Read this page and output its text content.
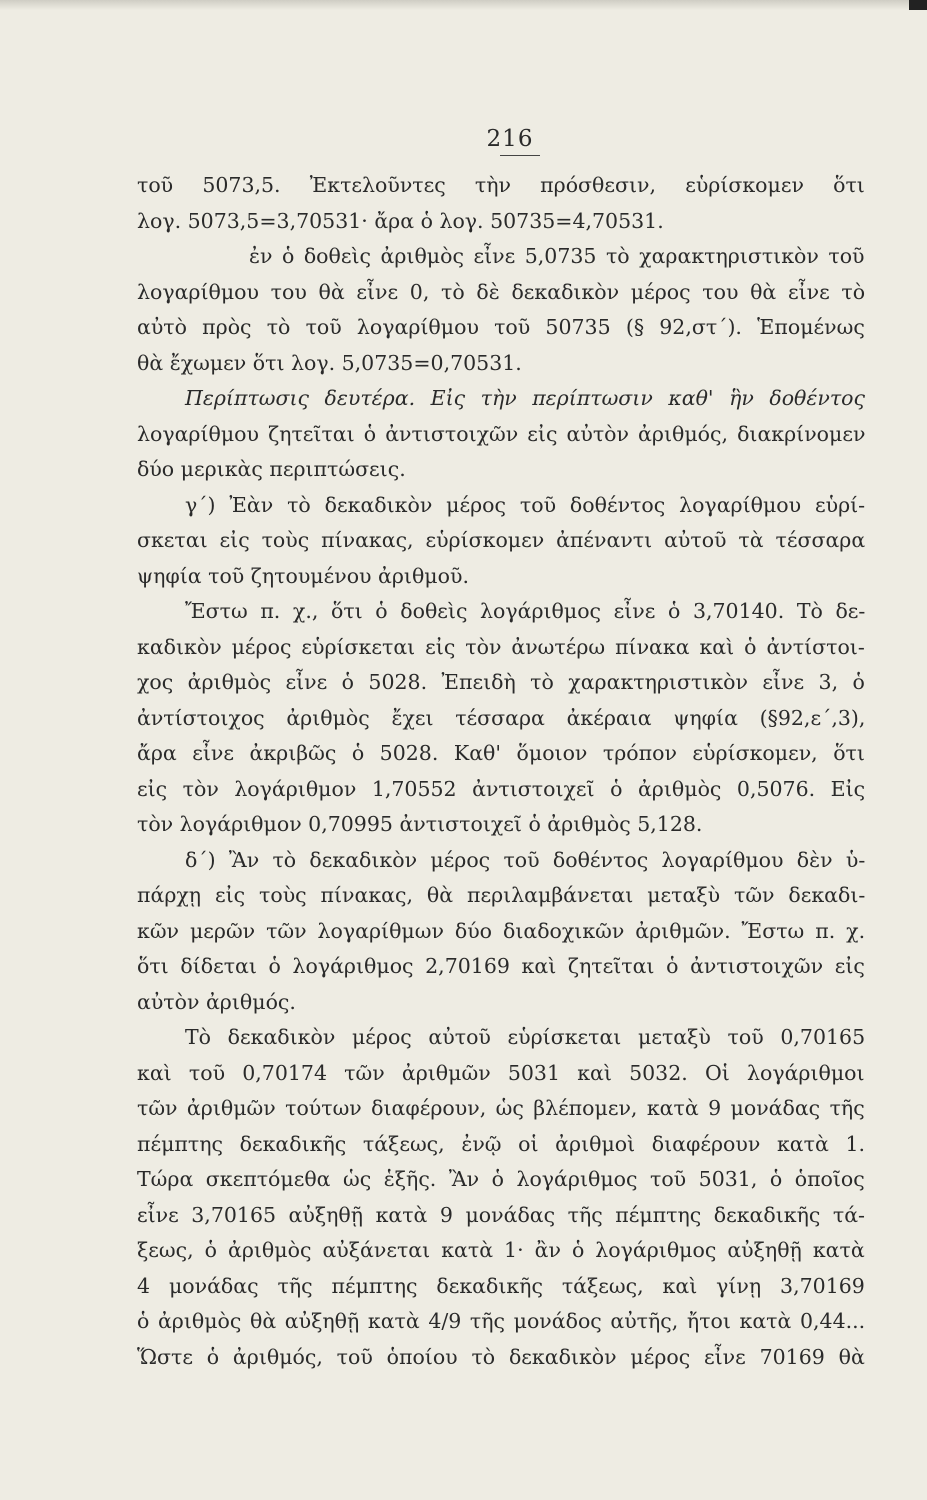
216
τοῦ 5073,5. Ἐκτελοῦντες τὴν πρόσθεσιν, εὑρίσκομεν ὅτι
λογ. 5073,5=3,70531· ἄρα ὁ λογ. 50735=4,70531.
ἐν ὁ δοθεὶς ἀριθμὸς εἶνε 5,0735 τὸ χαρακτηριστικὸν τοῦ
λογαρίθμου του θὰ εἶνε 0, τὸ δὲ δεκαδικὸν μέρος του θὰ εἶνε τὸ
αὐτὸ πρὸς τὸ τοῦ λογαρίθμου τοῦ 50735 (§ 92,στ΄). Ἑπομένως
θὰ ἔχωμεν ὅτι λογ. 5,0735=0,70531.
Περίπτωσις δευτέρα. Εἰς τὴν περίπτωσιν καθ' ἣν δοθέντος
λογαρίθμου ζητεῖται ὁ ἀντιστοιχῶν εἰς αὐτὸν ἀριθμός, διακρίνομεν
δύο μερικὰς περιπτώσεις.
γ΄) Ἐὰν τὸ δεκαδικὸν μέρος τοῦ δοθέντος λογαρίθμου εὑρί-
σκεται εἰς τοὺς πίνακας, εὑρίσκομεν ἀπέναντι αὐτοῦ τὰ τέσσαρα
ψηφία τοῦ ζητουμένου ἀριθμοῦ.
Ἔστω π. χ., ὅτι ὁ δοθεὶς λογάριθμος εἶνε ὁ 3,70140. Τὸ δε-
καδικὸν μέρος εὑρίσκεται εἰς τὸν ἀνωτέρω πίνακα καὶ ὁ ἀντίστοι-
χος ἀριθμὸς εἶνε ὁ 5028. Ἐπειδὴ τὸ χαρακτηριστικὸν εἶνε 3, ὁ
ἀντίστοιχος ἀριθμὸς ἔχει τέσσαρα ἀκέραια ψηφία (§92,ε΄,3),
ἄρα εἶνε ἀκριβῶς ὁ 5028. Καθ' ὅμοιον τρόπον εὑρίσκομεν, ὅτι
εἰς τὸν λογάριθμον 1,70552 ἀντιστοιχεῖ ὁ ἀριθμὸς 0,5076. Εἰς
τὸν λογάριθμον 0,70995 ἀντιστοιχεῖ ὁ ἀριθμὸς 5,128.
δ΄) Ἂν τὸ δεκαδικὸν μέρος τοῦ δοθέντος λογαρίθμου δὲν ὑ-
πάρχῃ εἰς τοὺς πίνακας, θὰ περιλαμβάνεται μεταξὺ τῶν δεκαδι-
κῶν μερῶν τῶν λογαρίθμων δύο διαδοχικῶν ἀριθμῶν. Ἔστω π. χ.
ὅτι δίδεται ὁ λογάριθμος 2,70169 καὶ ζητεῖται ὁ ἀντιστοιχῶν εἰς
αὐτὸν ἀριθμός.
Τὸ δεκαδικὸν μέρος αὐτοῦ εὑρίσκεται μεταξὺ τοῦ 0,70165
καὶ τοῦ 0,70174 τῶν ἀριθμῶν 5031 καὶ 5032. Οἱ λογάριθμοι
τῶν ἀριθμῶν τούτων διαφέρουν, ὡς βλέπομεν, κατὰ 9 μονάδας τῆς
πέμπτης δεκαδικῆς τάξεως, ἐνῷ οἱ ἀριθμοὶ διαφέρουν κατὰ 1.
Τώρα σκεπτόμεθα ὡς ἑξῆς. Ἂν ὁ λογάριθμος τοῦ 5031, ὁ ὁποῖος
εἶνε 3,70165 αὐξηθῇ κατὰ 9 μονάδας τῆς πέμπτης δεκαδικῆς τά-
ξεως, ὁ ἀριθμὸς αὐξάνεται κατὰ 1· ἂν ὁ λογάριθμος αὐξηθῇ κατὰ
4 μονάδας τῆς πέμπτης δεκαδικῆς τάξεως, καὶ γίνῃ 3,70169
ὁ ἀριθμὸς θὰ αὐξηθῇ κατὰ 4/9 τῆς μονάδος αὐτῆς, ἤτοι κατὰ 0,44...
Ὥστε ὁ ἀριθμός, τοῦ ὁποίου τὸ δεκαδικὸν μέρος εἶνε 70169 θὰ
